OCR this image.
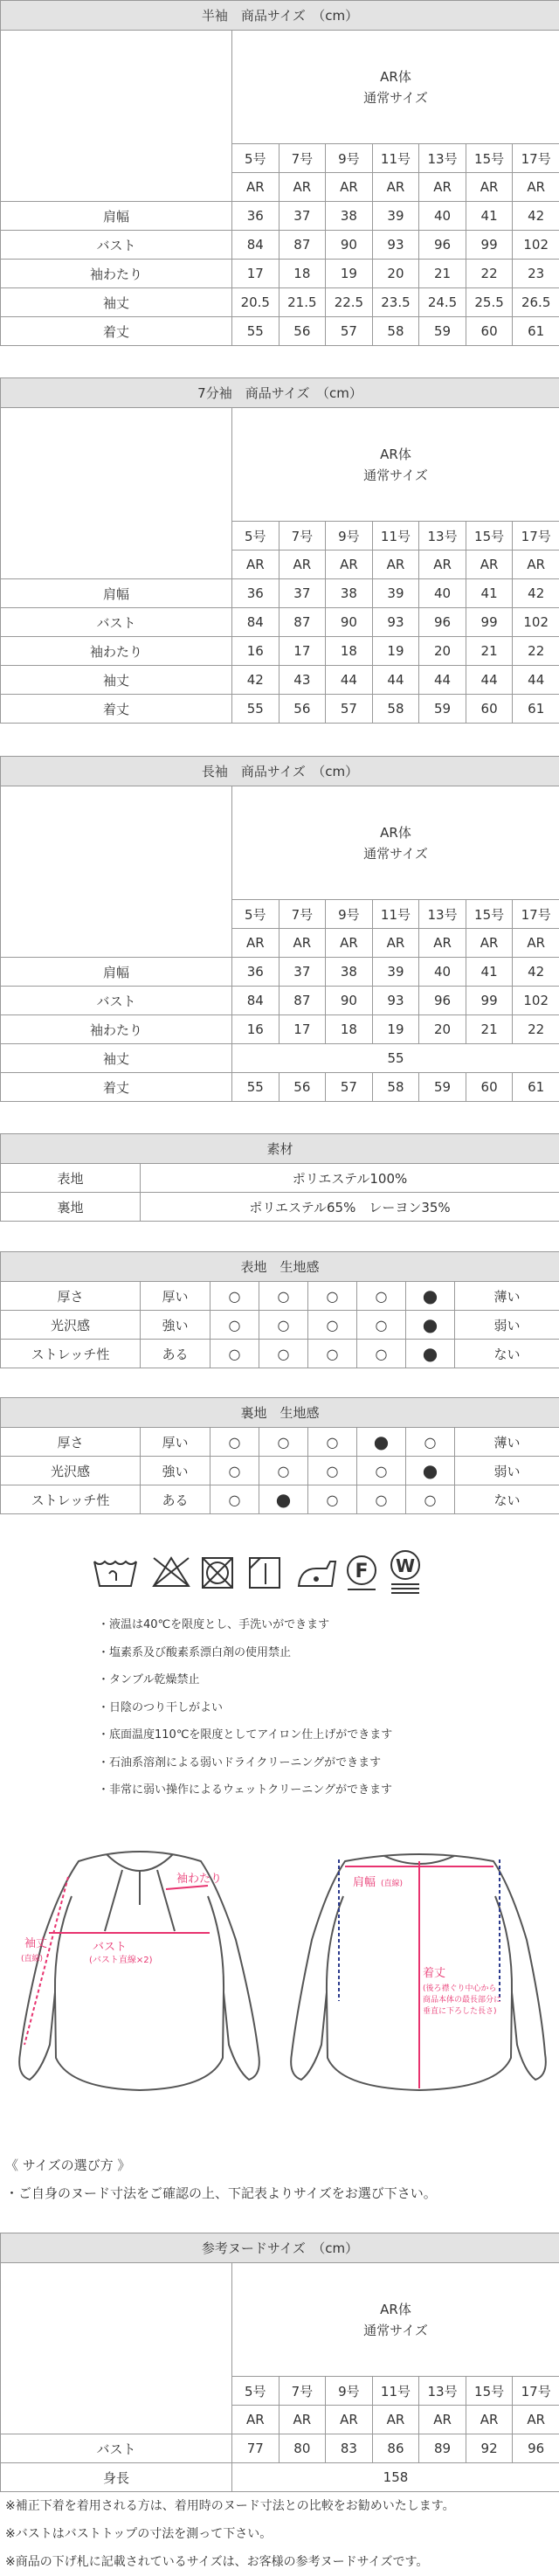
半袖　商品サイズ　（cm）							
	AR体
通常サイズ						
	5号	7号	9号	11号	13号	15号	17号
	AR	AR	AR	AR	AR	AR	AR
肩幅	36	37	38	39	40	41	42
バスト	84	87	90	93	96	99	102
袖わたり	17	18	19	20	21	22	23
袖丈	20.5	21.5	22.5	23.5	24.5	25.5	26.5
着丈	55	56	57	58	59	60	61
7分袖　商品サイズ　（cm）							
	AR体
通常サイズ						
	5号	7号	9号	11号	13号	15号	17号
	AR	AR	AR	AR	AR	AR	AR
肩幅	36	37	38	39	40	41	42
バスト	84	87	90	93	96	99	102
袖わたり	16	17	18	19	20	21	22
袖丈	42	43	44	44	44	44	44
着丈	55	56	57	58	59	60	61
長袖　商品サイズ　（cm）							
	AR体
通常サイズ						
	5号	7号	9号	11号	13号	15号	17号
	AR	AR	AR	AR	AR	AR	AR
肩幅	36	37	38	39	40	41	42
バスト	84	87	90	93	96	99	102
袖わたり	16	17	18	19	20	21	22
袖丈	55						
着丈	55	56	57	58	59	60	61
素材	
表地	ポリエステル100%
裏地	ポリエステル65%　レーヨン35%
表地　生地感							
厚さ	厚い	○	○	○	○	●	薄い
光沢感	強い	○	○	○	○	●	弱い
ストレッチ性	ある	○	○	○	○	●	ない
裏地　生地感							
厚さ	厚い	○	○	○	●	○	薄い
光沢感	強い	○	○	○	○	●	弱い
ストレッチ性	ある	○	●	○	○	○	ない
F W
・液温は40℃を限度とし、手洗いができます
・塩素系及び酸素系漂白剤の使用禁止
・タンブル乾燥禁止
・日陰のつり干しがよい
・底面温度110℃を限度としてアイロン仕上げができます
・石油系溶剤による弱いドライクリーニングができます
・非常に弱い操作によるウェットクリーニングができます
袖丈
(直線)
袖わたり
バスト
(バスト直線×2)
肩幅 (直線)
着丈
(後ろ襟ぐり中心から
商品本体の最長部分に
垂直に下ろした長さ)
《 サイズの選び方 》
・ご自身のヌード寸法をご確認の上、下記表よりサイズをお選び下さい。
参考ヌードサイズ　（cm）							
	AR体
通常サイズ						
	5号	7号	9号	11号	13号	15号	17号
	AR	AR	AR	AR	AR	AR	AR
バスト	77	80	83	86	89	92	96
身長	158						
※補正下着を着用される方は、着用時のヌード寸法との比較をお勧めいたします。
※バストはバストトップの寸法を測って下さい。
※商品の下げ札に記載されているサイズは、お客様の参考ヌードサイズです。
